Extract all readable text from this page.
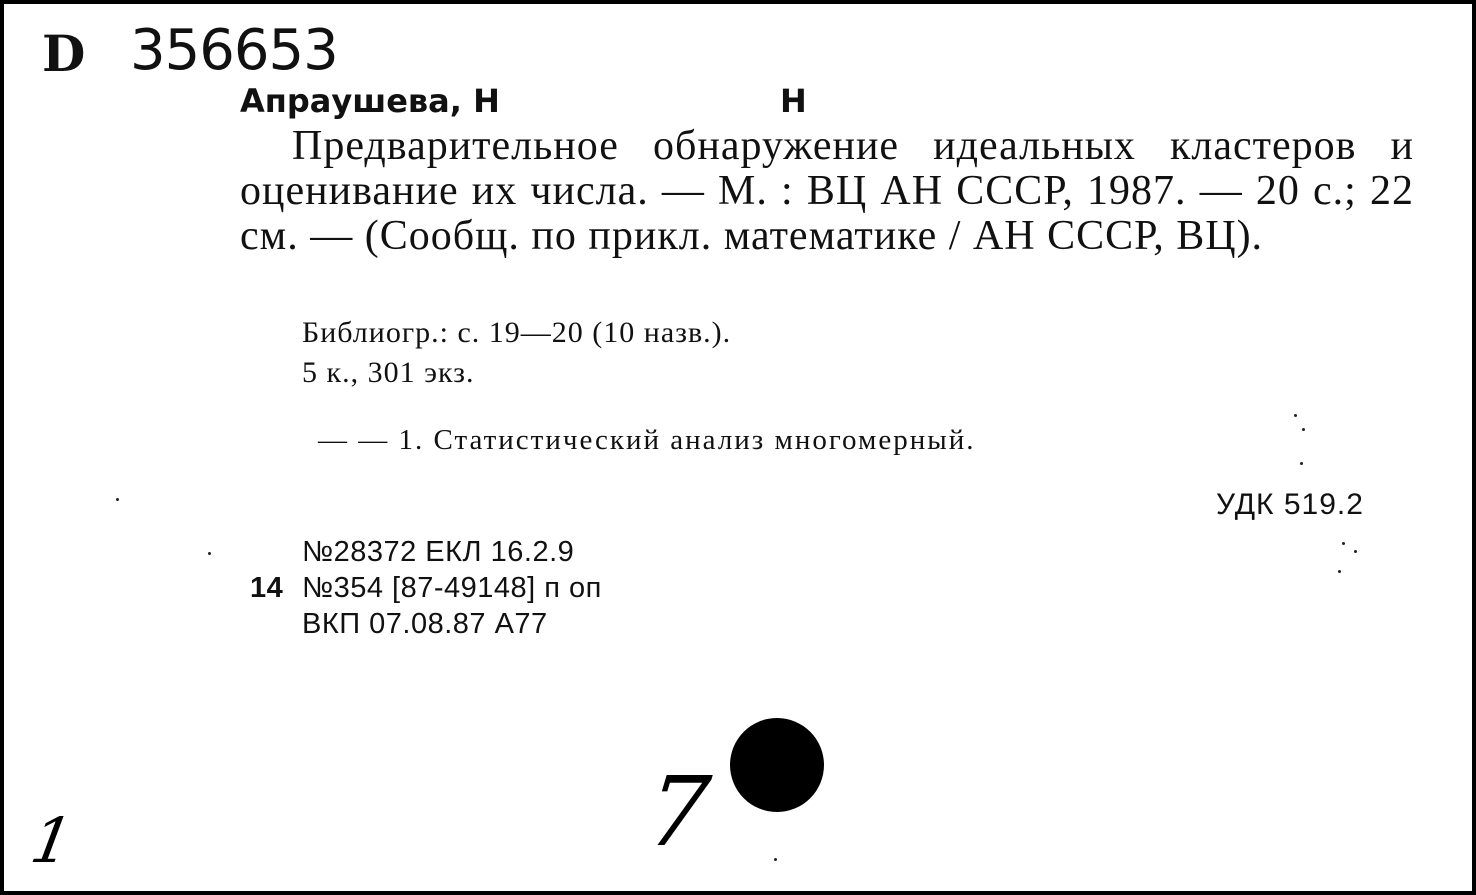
D 356653
Апраушева, Н	Н
Предварительное обнаружение идеальных кластеров и оценивание их числа. — М. : ВЦ АН СССР, 1987. — 20 с.; 22 см. — (Сообщ. по прикл. математике / АН СССР, ВЦ).
Библиогр.: с. 19—20 (10 назв.).
5 к., 301 экз.
— — 1. Статистический анализ многомерный.
УДК 519.2
№28372 ЕКЛ 16.2.9
14 №354 [87-49148] п оп
ВКП 07.08.87 А77
1	7
